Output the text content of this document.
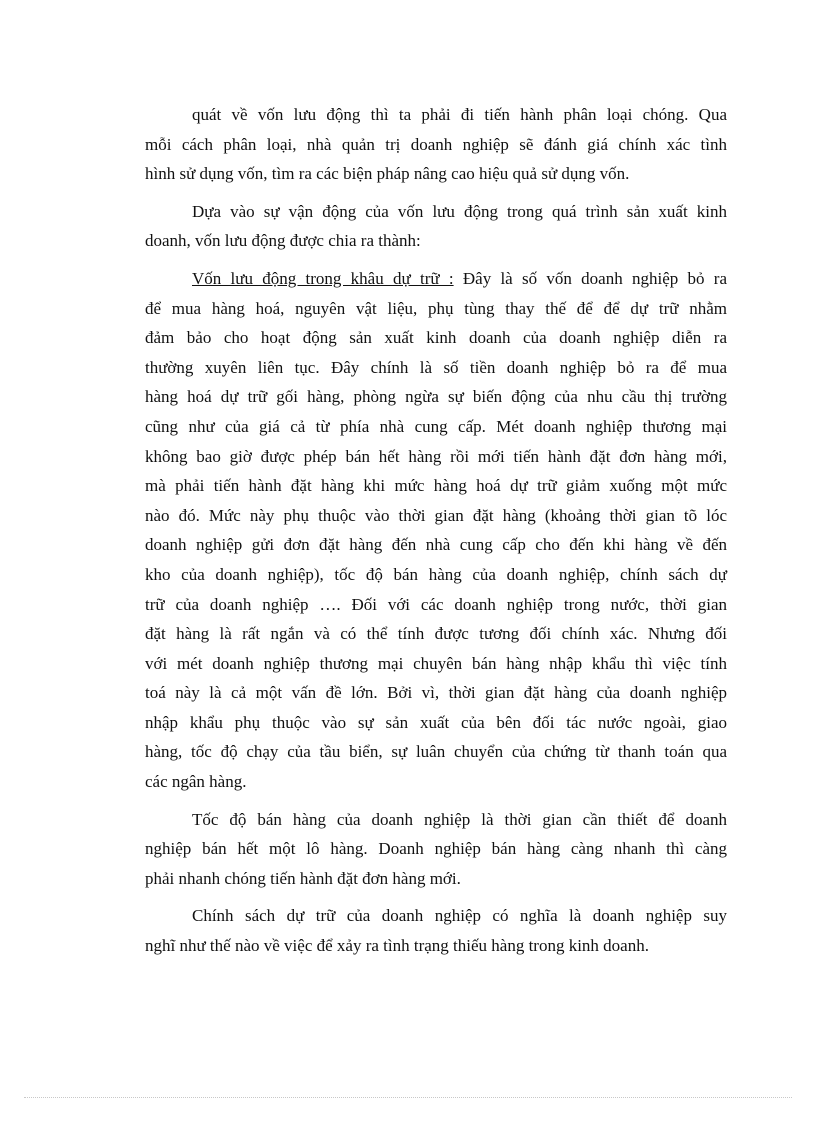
quát về vốn lưu động thì ta phải đi tiến hành phân loại chóng. Qua
mỗi cách phân loại, nhà quản trị doanh nghiệp sẽ đánh giá chính xác tình
hình sử dụng vốn, tìm ra các biện pháp nâng cao hiệu quả sử dụng vốn.
Dựa vào sự vận động của vốn lưu động trong quá trình sản xuất kinh
doanh, vốn lưu động được chia ra thành:
Vốn lưu động trong khâu dự trữ : Đây là số vốn doanh nghiệp bỏ ra
để mua hàng hoá, nguyên vật liệu, phụ tùng thay thế để để dự trữ nhằm
đảm bảo cho hoạt động sản xuất kinh doanh của doanh nghiệp diễn ra
thường xuyên liên tục. Đây chính là số tiền doanh nghiệp bỏ ra để mua
hàng hoá dự trữ gối hàng, phòng ngừa sự biến động của nhu cầu thị trường
cũng như của giá cả từ phía nhà cung cấp. Mét doanh nghiệp thương mại
không bao giờ được phép bán hết hàng rồi mới tiến hành đặt đơn hàng mới,
mà phải tiến hành đặt hàng khi mức hàng hoá dự trữ giảm xuống một mức
nào đó. Mức này phụ thuộc vào thời gian đặt hàng (khoảng thời gian tõ lóc
doanh nghiệp gửi đơn đặt hàng đến nhà cung cấp cho đến khi hàng về đến
kho của doanh nghiệp), tốc độ bán hàng của doanh nghiệp, chính sách dự
trữ của doanh nghiệp …. Đối với các doanh nghiệp trong nước, thời gian
đặt hàng là rất ngắn và có thể tính được tương đối chính xác. Nhưng đối
với mét doanh nghiệp thương mại chuyên bán hàng nhập khẩu thì việc tính
toá này là cả một vấn đề lớn. Bởi vì, thời gian đặt hàng của doanh nghiệp
nhập khẩu phụ thuộc vào sự sản xuất của bên đối tác nước ngoài, giao
hàng, tốc độ chạy của tầu biển, sự luân chuyển của chứng từ thanh toán qua
các ngân hàng.
Tốc độ bán hàng của doanh nghiệp là thời gian cần thiết để doanh
nghiệp bán hết một lô hàng. Doanh nghiệp bán hàng càng nhanh thì càng
phải nhanh chóng tiến hành đặt đơn hàng mới.
Chính sách dự trữ của doanh nghiệp có nghĩa là doanh nghiệp suy
nghĩ như thế nào về việc để xảy ra tình trạng thiếu hàng trong kinh doanh.
